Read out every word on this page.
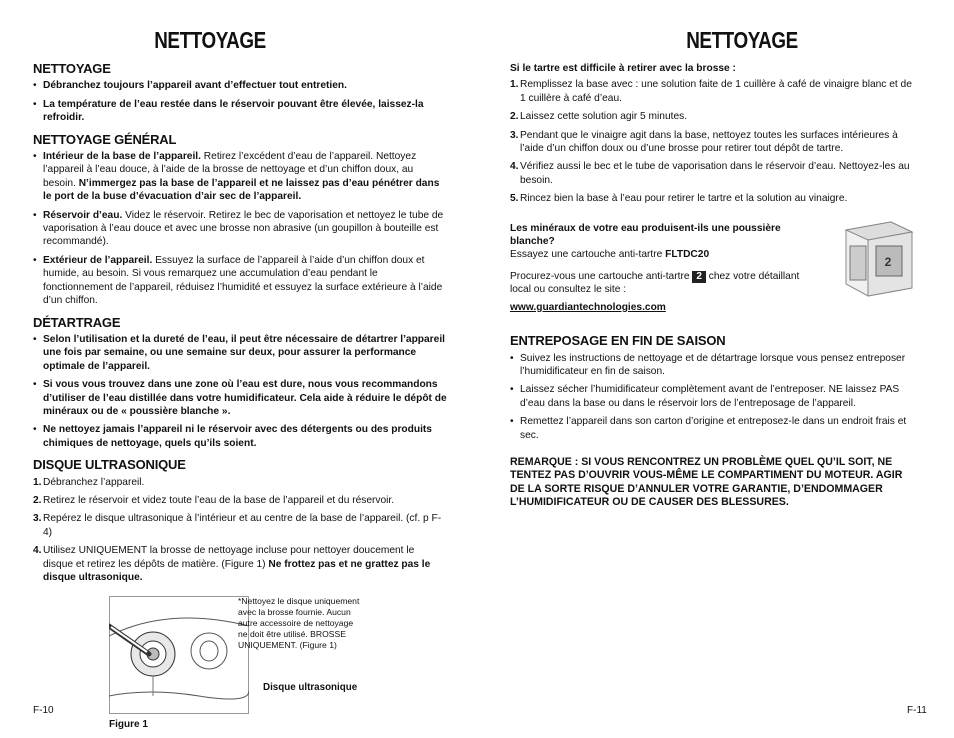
NETTOYAGE
NETTOYAGE
• Débranchez toujours l’appareil avant d’effectuer tout entretien.
• La température de l’eau restée dans le réservoir pouvant être élevée, laissez-la refroidir.
NETTOYAGE GÉNÉRAL
• Intérieur de la base de l’appareil. Retirez l’excédent d’eau de l’appareil. Nettoyez l’appareil à l’eau douce, à l’aide de la brosse de nettoyage et d’un chiffon doux, au besoin. N’immergez pas la base de l’appareil et ne laissez pas d’eau pénétrer dans le port de la buse d’évacuation d’air sec de l’appareil.
• Réservoir d’eau. Videz le réservoir. Retirez le bec de vaporisation et nettoyez le tube de vaporisation à l’eau douce et avec une brosse non abrasive (un goupillon à bouteille est recommandé).
• Extérieur de l’appareil. Essuyez la surface de l’appareil à l’aide d’un chiffon doux et humide, au besoin. Si vous remarquez une accumulation d’eau pendant le fonctionnement de l’appareil, réduisez l’humidité et essuyez la surface extérieure à l’aide d’un chiffon.
DÉTARTRAGE
• Selon l’utilisation et la dureté de l’eau, il peut être nécessaire de détartrer l’appareil une fois par semaine, ou une semaine sur deux, pour assurer la performance optimale de l’appareil.
• Si vous vous trouvez dans une zone où l’eau est dure, nous vous recommandons d’utiliser de l’eau distillée dans votre humidificateur. Cela aide à réduire le dépôt de minéraux ou de « poussière blanche ».
• Ne nettoyez jamais l’appareil ni le réservoir avec des détergents ou des produits chimiques de nettoyage, quels qu’ils soient.
DISQUE ULTRASONIQUE
1. Débranchez l’appareil.
2. Retirez le réservoir et videz toute l’eau de la base de l’appareil et du réservoir.
3. Repérez le disque ultrasonique à l’intérieur et au centre de la base de l’appareil. (cf. p F-4)
4. Utilisez UNIQUEMENT la brosse de nettoyage incluse pour nettoyer doucement le disque et retirez les dépôts de matière. (Figure 1) Ne frottez pas et ne grattez pas le disque ultrasonique.
Figure 1
*Nettoyez le disque uniquement avec la brosse fournie. Aucun autre accessoire de nettoyage ne doit être utilisé. BROSSE UNIQUEMENT. (Figure 1)
Disque ultrasonique
F-10
NETTOYAGE
Si le tartre est difficile à retirer avec la brosse :
1. Remplissez la base avec : une solution faite de 1 cuillère à café de vinaigre blanc et de 1 cuillère à café d’eau.
2. Laissez cette solution agir 5 minutes.
3. Pendant que le vinaigre agit dans la base, nettoyez toutes les surfaces intérieures à l’aide d’un chiffon doux ou d’une brosse pour retirer tout dépôt de tartre.
4. Vérifiez aussi le bec et le tube de vaporisation dans le réservoir d’eau. Nettoyez-les au besoin.
5. Rincez bien la base à l’eau pour retirer le tartre et la solution au vinaigre.
Les minéraux de votre eau produisent-ils une poussière blanche?
Essayez une cartouche anti-tartre FLTDC20
Procurez-vous une cartouche anti-tartre 2 chez votre détaillant local ou consultez le site :
www.guardiantechnologies.com
2
ENTREPOSAGE EN FIN DE SAISON
• Suivez les instructions de nettoyage et de détartrage lorsque vous pensez entreposer l’humidificateur en fin de saison.
• Laissez sécher l’humidificateur complètement avant de l’entreposer. NE laissez PAS d’eau dans la base ou dans le réservoir lors de l’entreposage de l’appareil.
• Remettez l’appareil dans son carton d’origine et entreposez-le dans un endroit frais et sec.
REMARQUE : SI VOUS RENCONTREZ UN PROBLÈME QUEL QU’IL SOIT, NE TENTEZ PAS D’OUVRIR VOUS-MÊME LE COMPARTIMENT DU MOTEUR. AGIR DE LA SORTE RISQUE D’ANNULER VOTRE GARANTIE, D’ENDOMMAGER L’HUMIDIFICATEUR OU DE CAUSER DES BLESSURES.
F-11
